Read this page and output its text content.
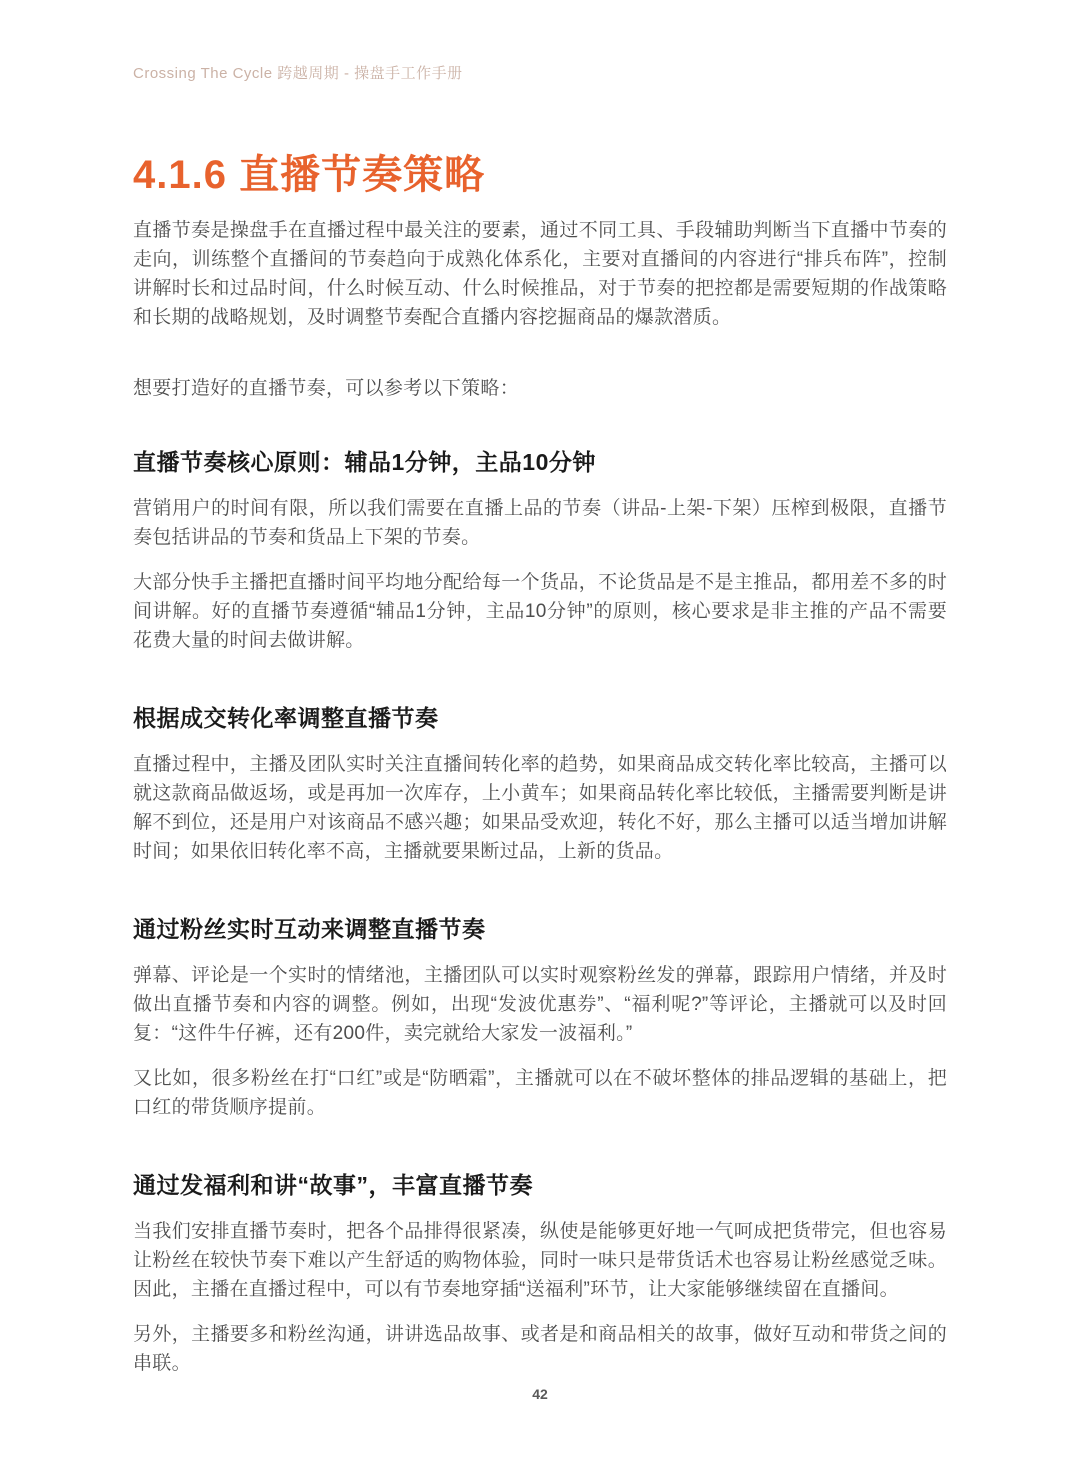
Crossing The Cycle 跨越周期 - 操盘手工作手册
4.1.6 直播节奏策略

直播节奏是操盘手在直播过程中最关注的要素，通过不同工具、手段辅助判断当下直播中节奏的走向，训练整个直播间的节奏趋向于成熟化体系化，主要对直播间的内容进行“排兵布阵”，控制讲解时长和过品时间，什么时候互动、什么时候推品，对于节奏的把控都是需要短期的作战策略和长期的战略规划，及时调整节奏配合直播内容挖掘商品的爆款潜质。

想要打造好的直播节奏，可以参考以下策略：

直播节奏核心原则：辅品1分钟，主品10分钟

营销用户的时间有限，所以我们需要在直播上品的节奏（讲品-上架-下架）压榨到极限，直播节奏包括讲品的节奏和货品上下架的节奏。

大部分快手主播把直播时间平均地分配给每一个货品，不论货品是不是主推品，都用差不多的时间讲解。好的直播节奏遵循“辅品1分钟，主品10分钟”的原则，核心要求是非主推的产品不需要花费大量的时间去做讲解。

根据成交转化率调整直播节奏

直播过程中，主播及团队实时关注直播间转化率的趋势，如果商品成交转化率比较高，主播可以就这款商品做返场，或是再加一次库存，上小黄车；如果商品转化率比较低，主播需要判断是讲解不到位，还是用户对该商品不感兴趣；如果品受欢迎，转化不好，那么主播可以适当增加讲解时间；如果依旧转化率不高，主播就要果断过品，上新的货品。

通过粉丝实时互动来调整直播节奏

弹幕、评论是一个实时的情绪池，主播团队可以实时观察粉丝发的弹幕，跟踪用户情绪，并及时做出直播节奏和内容的调整。例如，出现“发波优惠券”、“福利呢?”等评论，主播就可以及时回复：“这件牛仔裤，还有200件，卖完就给大家发一波福利。”

又比如，很多粉丝在打“口红”或是“防晒霜”，主播就可以在不破坏整体的排品逻辑的基础上，把口红的带货顺序提前。

通过发福利和讲“故事”，丰富直播节奏

当我们安排直播节奏时，把各个品排得很紧凑，纵使是能够更好地一气呵成把货带完，但也容易让粉丝在较快节奏下难以产生舒适的购物体验，同时一味只是带货话术也容易让粉丝感觉乏味。因此，主播在直播过程中，可以有节奏地穿插“送福利”环节，让大家能够继续留在直播间。

另外，主播要多和粉丝沟通，讲讲选品故事、或者是和商品相关的故事，做好互动和带货之间的串联。

42
